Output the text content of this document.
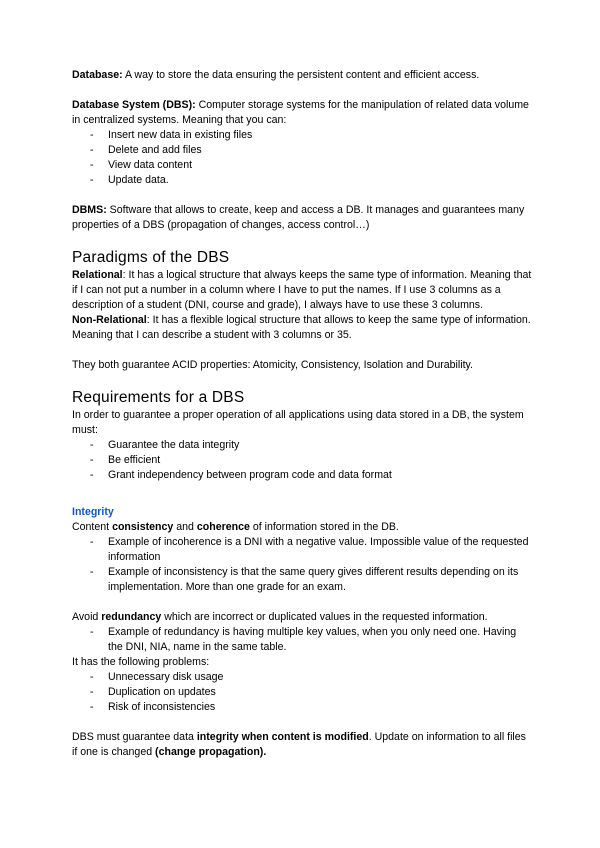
Database: A way to store the data ensuring the persistent content and efficient access.

Database System (DBS): Computer storage systems for the manipulation of related data volume in centralized systems. Meaning that you can:

- Insert new data in existing files
- Delete and add files
- View data content
- Update data.

DBMS: Software that allows to create, keep and access a DB. It manages and guarantees many properties of a DBS (propagation of changes, access control…)

Paradigms of the DBS

Relational: It has a logical structure that always keeps the same type of information. Meaning that if I can not put a number in a column where I have to put the names. If I use 3 columns as a description of a student (DNI, course and grade), I always have to use these 3 columns.

Non-Relational: It has a flexible logical structure that allows to keep the same type of information. Meaning that I can describe a student with 3 columns or 35.

They both guarantee ACID properties: Atomicity, Consistency, Isolation and Durability.

Requirements for a DBS

In order to guarantee a proper operation of all applications using data stored in a DB, the system must:

- Guarantee the data integrity
- Be efficient
- Grant independency between program code and data format
Integrity

Content consistency and coherence of information stored in the DB.

- Example of incoherence is a DNI with a negative value. Impossible value of the requested information
- Example of inconsistency is that the same query gives different results depending on its implementation. More than one grade for an exam.

Avoid redundancy which are incorrect or duplicated values in the requested information.

- Example of redundancy is having multiple key values, when you only need one. Having the DNI, NIA, name in the same table.

It has the following problems:

- Unnecessary disk usage
- Duplication on updates
- Risk of inconsistencies

DBS must guarantee data integrity when content is modified. Update on information to all files if one is changed (change propagation).
